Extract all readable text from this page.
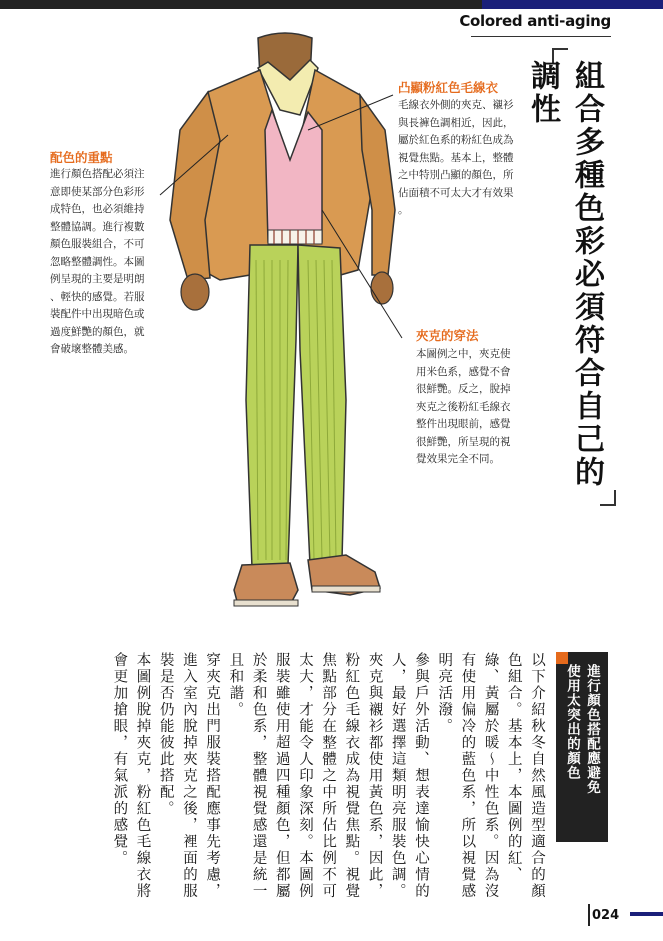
Colored anti-aging
凸顯粉紅色毛線衣
毛線衣外側的夾克、襯衫
與長褲色調相近，因此，
屬於紅色系的粉紅色成為
視覺焦點。基本上，整體
之中特別凸顯的顏色，所
佔面積不可太大才有效果
。
配色的重點
進行顏色搭配必須注
意即使某部分色彩形
成特色，也必須維持
整體協調。進行複數
顏色服裝組合，不可
忽略整體調性。本圖
例呈現的主要是明朗
、輕快的感覺。若服
裝配件中出現暗色或
過度鮮艷的顏色，就
會破壞整體美感。
夾克的穿法
本圖例之中，夾克使
用米色系，感覺不會
很鮮艷。反之，脫掉
夾克之後粉紅毛線衣
整件出現眼前，感覺
很鮮艷，所呈現的視
覺效果完全不同。	組合多種色彩必須符合自己的調性
進行顏色搭配應避免
使用太突出的顏色

以下介紹秋冬自然風造型適合的顏色組合。基本上，本圖例的紅、綠、黃屬於暖～中性色系。因為沒有使用偏冷的藍色系，所以視覺感明亮活潑。

參與戶外活動、想表達愉快心情的人，最好選擇這類明亮服裝色調。

夾克與襯衫都使用黃色系，因此，粉紅色毛線衣成為視覺焦點。視覺焦點部分在整體之中所佔比例不可太大，才能令人印象深刻。本圖例服裝雖使用超過四種顏色，但都屬於柔和色系，整體視覺感還是統一且和諧。

穿夾克出門服裝搭配應事先考慮，進入室內脫掉夾克之後，裡面的服裝是否仍能彼此搭配。

本圖例脫掉夾克，粉紅色毛線衣將會更加搶眼，有氣派的感覺。

024
